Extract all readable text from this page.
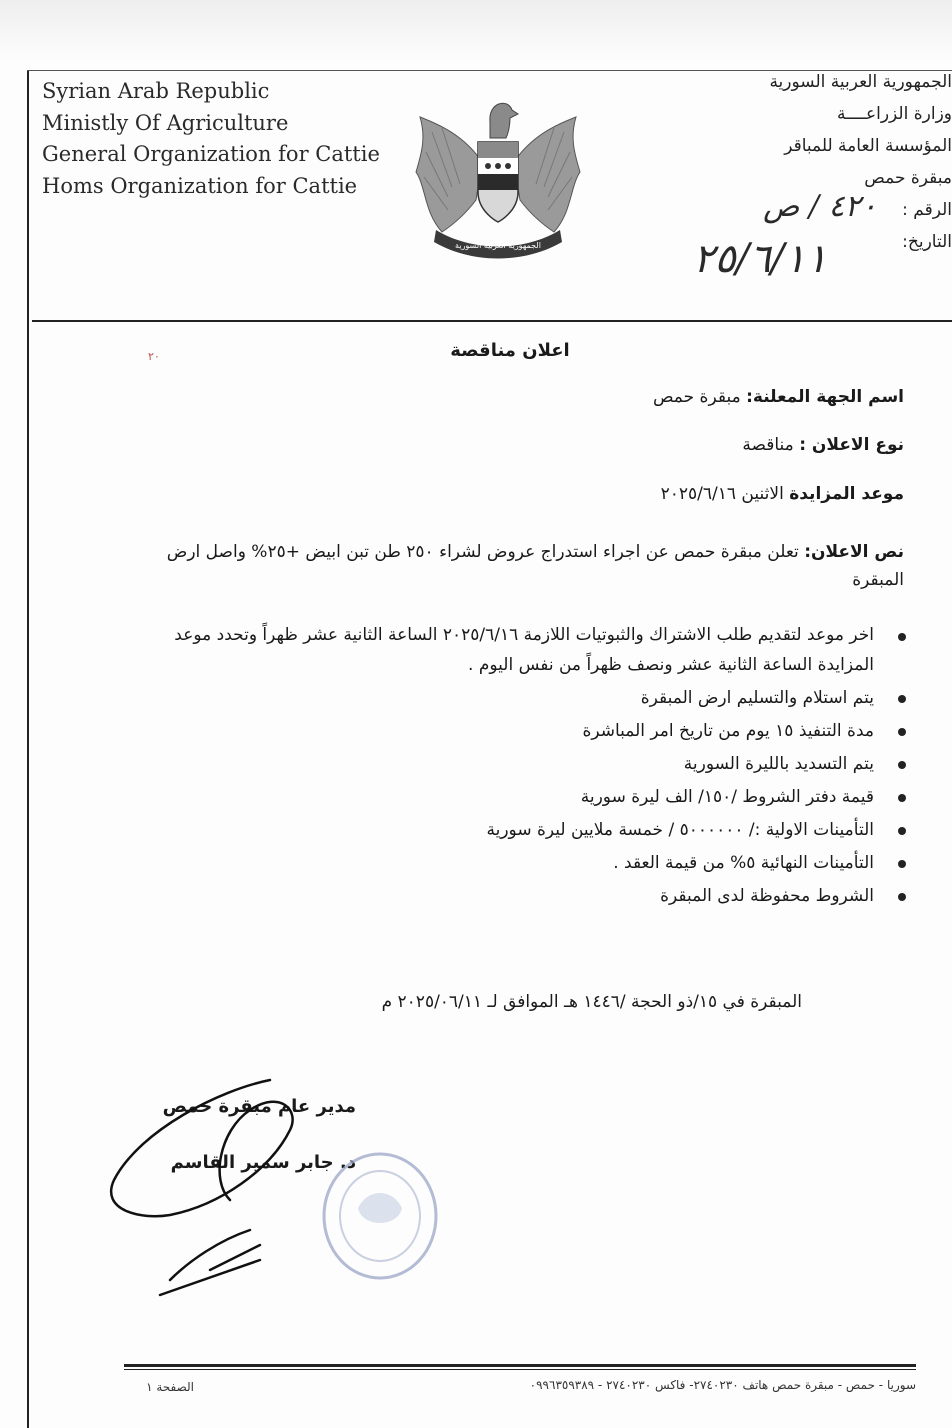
Syrian Arab Republic
Ministly Of Agriculture
General Organization for Cattie
Homs Organization for Cattie
الجمهورية العربية السورية
الجمهورية العربية السورية
وزارة الزراعــــة
المؤسسة العامة للمباقر
مبقرة حمص
الرقم :
التاريخ:
٤٢٠ / ص
٢٥/٦/١١
٢٠	اعلان مناقصة
اسم الجهة المعلنة: مبقرة حمص
نوع الاعلان : مناقصة
موعد المزايدة الاثنين ٢٠٢٥/٦/١٦
نص الاعلان: تعلن مبقرة حمص عن اجراء استدراج عروض لشراء ٢٥٠ طن تبن ابيض +٢٥% واصل ارض المبقرة
اخر موعد لتقديم طلب الاشتراك والثبوتيات اللازمة ٢٠٢٥/٦/١٦ الساعة الثانية عشر ظهراً وتحدد موعد المزايدة الساعة الثانية عشر ونصف ظهراً من نفس اليوم .
يتم استلام والتسليم ارض المبقرة
مدة التنفيذ ١٥ يوم من تاريخ امر المباشرة
يتم التسديد بالليرة السورية
قيمة دفتر الشروط /١٥٠/ الف ليرة سورية
التأمينات الاولية :/ ٥٠٠٠٠٠٠ / خمسة ملايين ليرة سورية
التأمينات النهائية ٥% من قيمة العقد .
الشروط محفوظة لدى المبقرة
المبقرة في ١٥/ذو الحجة /١٤٤٦ هـ الموافق لـ ٢٠٢٥/٠٦/١١ م
مدير عام مبقرة حمص
د. جابر سمير القاسم
سوريا - حمص - مبقرة حمص هاتف ٢٧٤٠٢٣٠- فاكس ٢٧٤٠٢٣٠ - ٠٩٩٦٣٥٩٣٨٩
الصفحة ١
